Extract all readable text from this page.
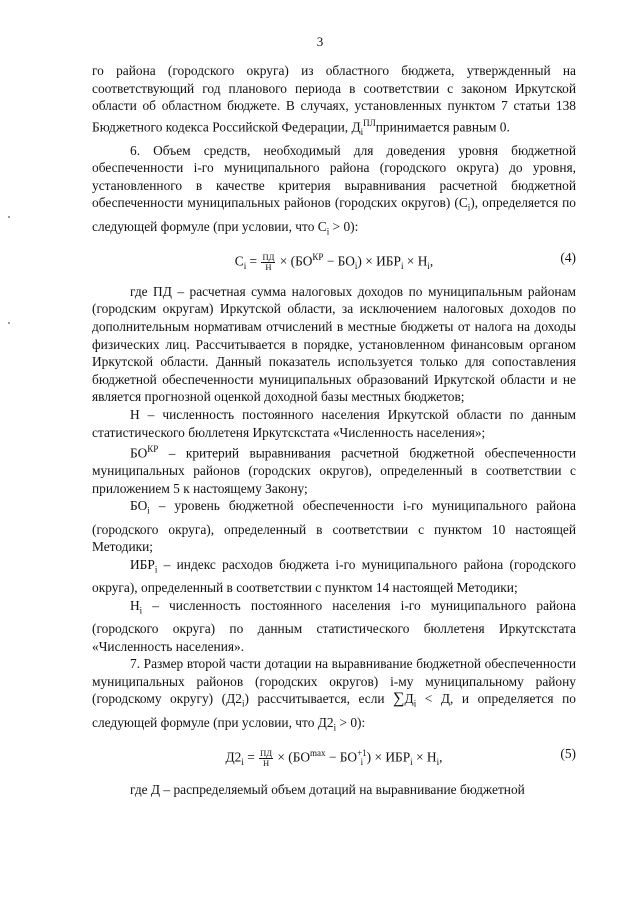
3

го района (городского округа) из областного бюджета, утвержденный на соответствующий год планового периода в соответствии с законом Иркутской области об областном бюджете. В случаях, установленных пунктом 7 статьи 138 Бюджетного кодекса Российской Федерации, $Д_i^{ПЛ}принимается$ равным 0.

6. Объем средств, необходимый для доведения уровня бюджетной обеспеченности i-го муниципального района (городского округа) до уровня, установленного в качестве критерия выравнивания расчетной бюджетной обеспеченности муниципальных районов (городских округов) $(C_i)$, определяется по следующей формуле (при условии, что $C_i > 0$):

$C_i = \frac{ПД}{Н} \times (БО^{КР} - БО_i) \times ИБР_i \times Н_i$,	(4)

где ПД – расчетная сумма налоговых доходов по муниципальным районам (городским округам) Иркутской области, за исключением налоговых доходов по дополнительным нормативам отчислений в местные бюджеты от налога на доходы физических лиц. Рассчитывается в порядке, установленном финансовым органом Иркутской области. Данный показатель используется только для сопоставления бюджетной обеспеченности муниципальных образований Иркутской области и не является прогнозной оценкой доходной базы местных бюджетов;

Н – численность постоянного населения Иркутской области по данным статистического бюллетеня Иркутскстата «Численность населения»;

$БО^{КР}$ – критерий выравнивания расчетной бюджетной обеспеченности муниципальных районов (городских округов), определенный в соответствии с приложением 5 к настоящему Закону;

$БО_i$ – уровень бюджетной обеспеченности i-го муниципального района (городского округа), определенный в соответствии с пунктом 10 настоящей Методики;

$ИБР_i$ – индекс расходов бюджета i-го муниципального района (городского округа), определенный в соответствии с пунктом 14 настоящей Методики;

$Н_i$ – численность постоянного населения i-го муниципального района (городского округа) по данным статистического бюллетеня Иркутскстата «Численность населения».

7. Размер второй части дотации на выравнивание бюджетной обеспеченности муниципальных районов (городских округов) i-му муниципальному району (городскому округу) $(Д2_i)$ рассчитывается, если $\sum Д_i < Д$, и определяется по следующей формуле (при условии, что $Д2_i > 0$):

$Д2_i = \frac{ПД}{Н} \times (БО^{max}$ − БО +1
i ) × $ИБР_i \times Н_i$,	(5)

где Д – распределяемый объем дотаций на выравнивание бюджетной
